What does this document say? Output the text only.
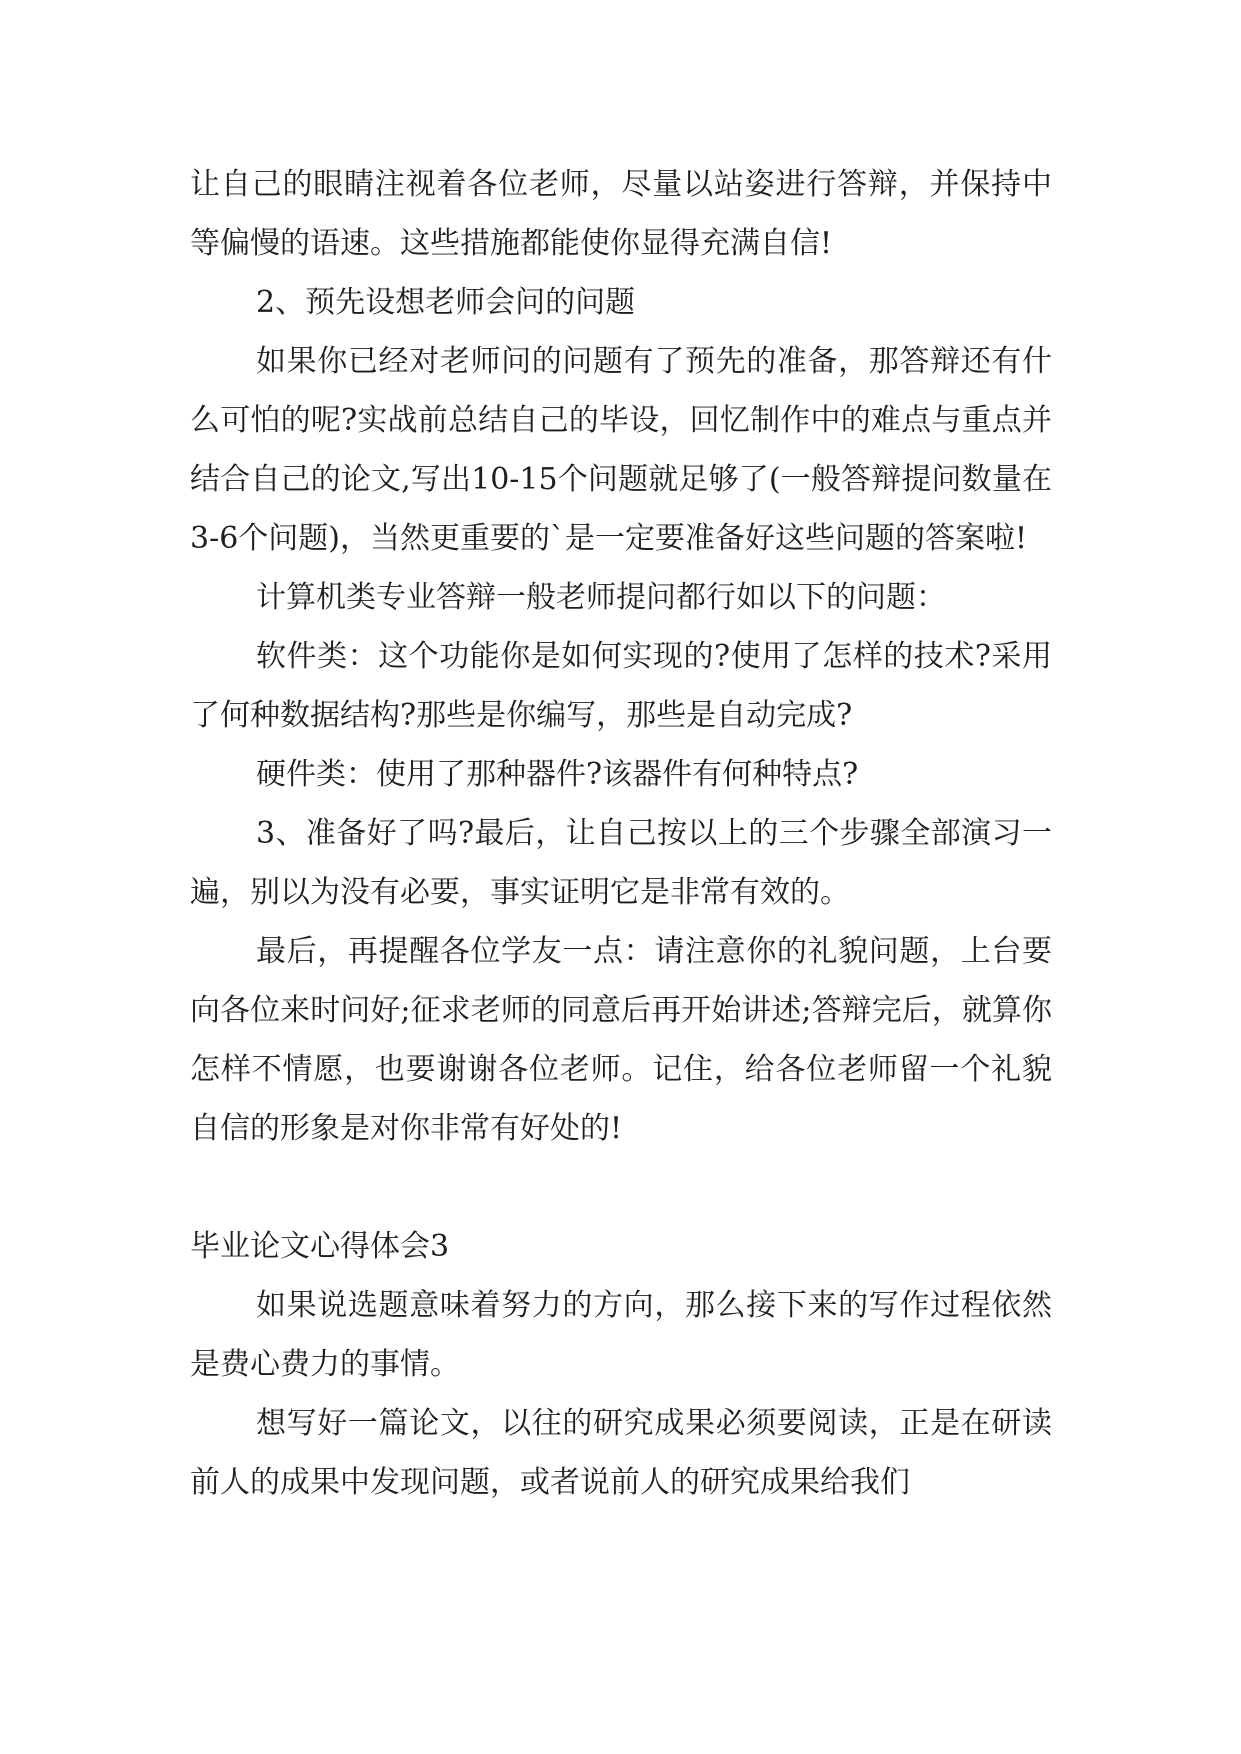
让自己的眼睛注视着各位老师，尽量以站姿进行答辩，并保持中等偏慢的语速。这些措施都能使你显得充满自信!

2、预先设想老师会问的问题

如果你已经对老师问的问题有了预先的准备，那答辩还有什么可怕的呢?实战前总结自己的毕设，回忆制作中的难点与重点并结合自己的论文,写出10-15个问题就足够了(一般答辩提问数量在3-6个问题)，当然更重要的`是一定要准备好这些问题的答案啦!

计算机类专业答辩一般老师提问都行如以下的问题：

软件类：这个功能你是如何实现的?使用了怎样的技术?采用了何种数据结构?那些是你编写，那些是自动完成?

硬件类：使用了那种器件?该器件有何种特点?

3、准备好了吗?最后，让自己按以上的三个步骤全部演习一遍，别以为没有必要，事实证明它是非常有效的。

最后，再提醒各位学友一点：请注意你的礼貌问题，上台要向各位来时问好;征求老师的同意后再开始讲述;答辩完后，就算你怎样不情愿，也要谢谢各位老师。记住，给各位老师留一个礼貌自信的形象是对你非常有好处的!

毕业论文心得体会3

如果说选题意味着努力的方向，那么接下来的写作过程依然是费心费力的事情。

想写好一篇论文，以往的研究成果必须要阅读，正是在研读前人的成果中发现问题，或者说前人的研究成果给我们
